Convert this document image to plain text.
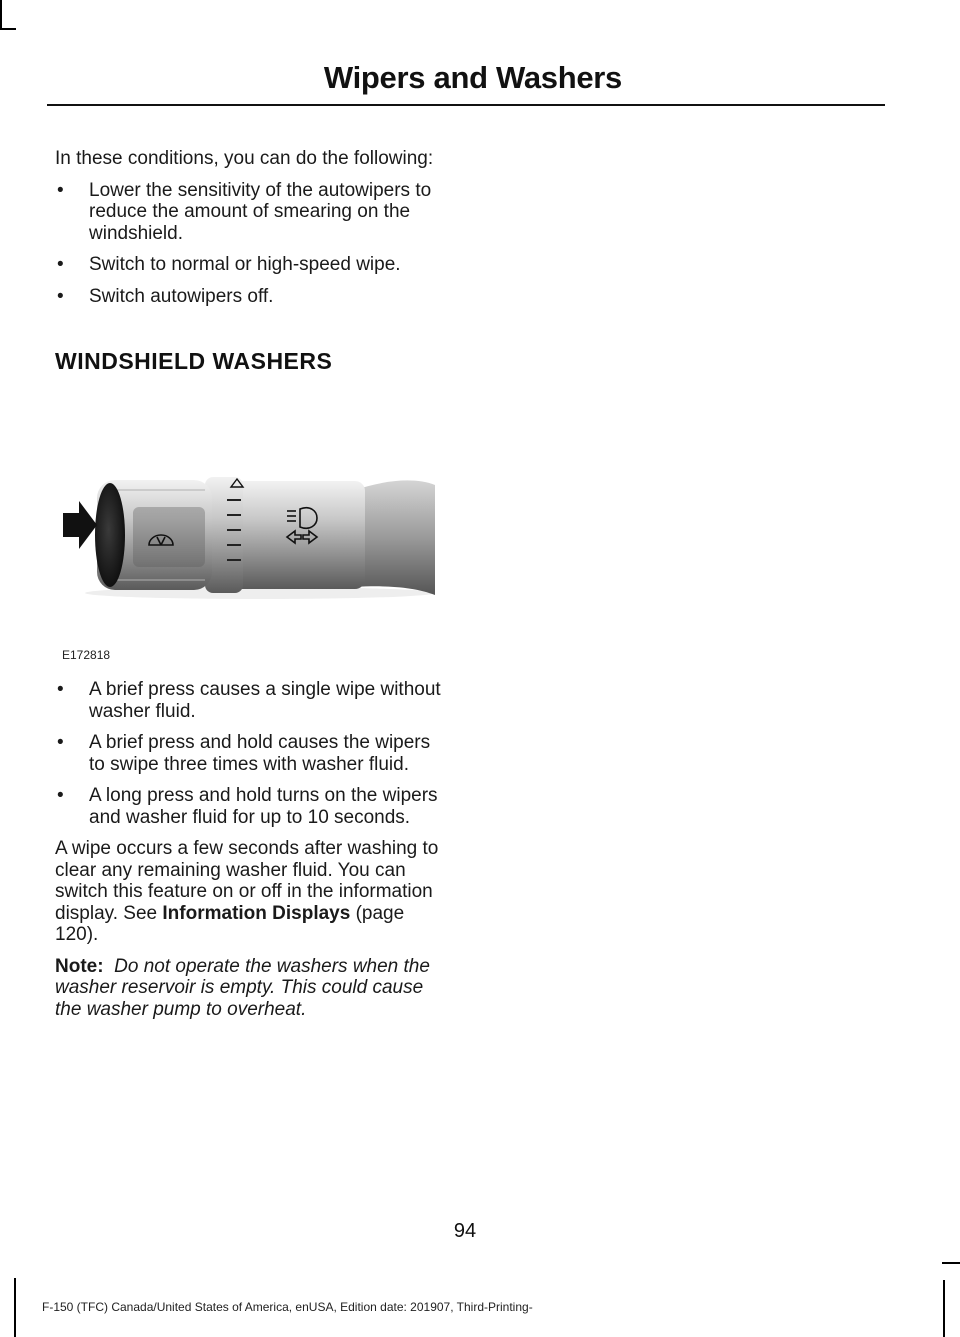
Wipers and Washers

In these conditions, you can do the following:

• Lower the sensitivity of the autowipers to reduce the amount of smearing on the windshield.
• Switch to normal or high-speed wipe.
• Switch autowipers off.
WINDSHIELD WASHERS
E172818
• A brief press causes a single wipe without washer fluid.
• A brief press and hold causes the wipers to swipe three times with washer fluid.
• A long press and hold turns on the wipers and washer fluid for up to 10 seconds.

A wipe occurs a few seconds after washing to clear any remaining washer fluid. You can switch this feature on or off in the information display. See Information Displays (page 120).

Note: Do not operate the washers when the washer reservoir is empty. This could cause the washer pump to overheat.

94
F-150 (TFC) Canada/United States of America, enUSA, Edition date: 201907, Third-Printing-
